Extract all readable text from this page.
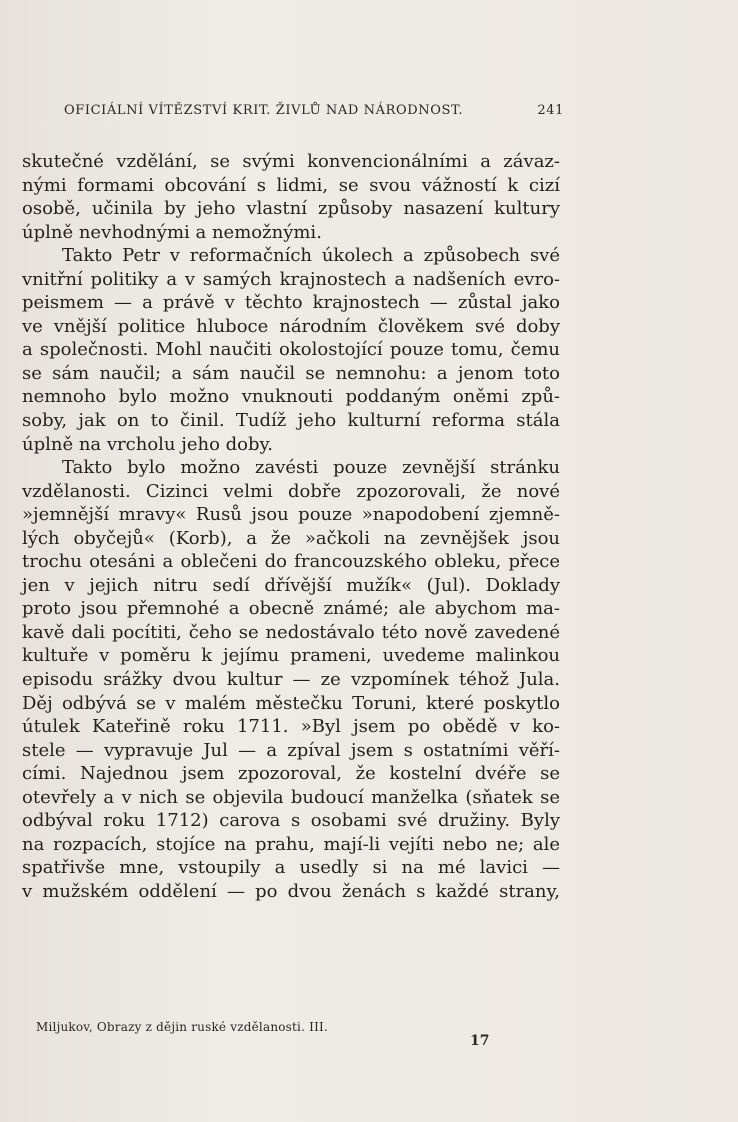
OFICIÁLNÍ VÍTĚZSTVÍ KRIT. ŽIVLŮ NAD NÁRODNOST.	241
skutečné vzdělání, se svými konvencionálními a závaz-
nými formami obcování s lidmi, se svou vážností k cizí
osobě, učinila by jeho vlastní způsoby nasazení kultury
úplně nevhodnými a nemožnými.
Takto Petr v reformačních úkolech a způsobech své
vnitřní politiky a v samých krajnostech a nadšeních evro-
peismem — a právě v těchto krajnostech — zůstal jako
ve vnější politice hluboce národním člověkem své doby
a společnosti. Mohl naučiti okolostojící pouze tomu, čemu
se sám naučil; a sám naučil se nemnohu: a jenom toto
nemnoho bylo možno vnuknouti poddaným oněmi způ-
soby, jak on to činil. Tudíž jeho kulturní reforma stála
úplně na vrcholu jeho doby.
Takto bylo možno zavésti pouze zevnější stránku
vzdělanosti. Cizinci velmi dobře zpozorovali, že nové
»jemnější mravy« Rusů jsou pouze »napodobení zjemně-
lých obyčejů« (Korb), a že »ačkoli na zevnějšek jsou
trochu otesáni a oblečeni do francouzského obleku, přece
jen v jejich nitru sedí dřívější mužík« (Jul). Doklady
proto jsou přemnohé a obecně známé; ale abychom ma-
kavě dali pocítiti, čeho se nedostávalo této nově zavedené
kultuře v poměru k jejímu prameni, uvedeme malinkou
episodu srážky dvou kultur — ze vzpomínek téhož Jula.
Děj odbývá se v malém městečku Toruni, které poskytlo
útulek Kateřině roku 1711. »Byl jsem po obědě v ko-
stele — vypravuje Jul — a zpíval jsem s ostatními věří-
cími. Najednou jsem zpozoroval, že kostelní dvéře se
otevřely a v nich se objevila budoucí manželka (sňatek se
odbýval roku 1712) carova s osobami své družiny. Byly
na rozpacích, stojíce na prahu, mají-li vejíti nebo ne; ale
spatřivše mne, vstoupily a usedly si na mé lavici —
v mužském oddělení — po dvou ženách s každé strany,
Miljukov, Obrazy z dějin ruské vzdělanosti. III.
17
